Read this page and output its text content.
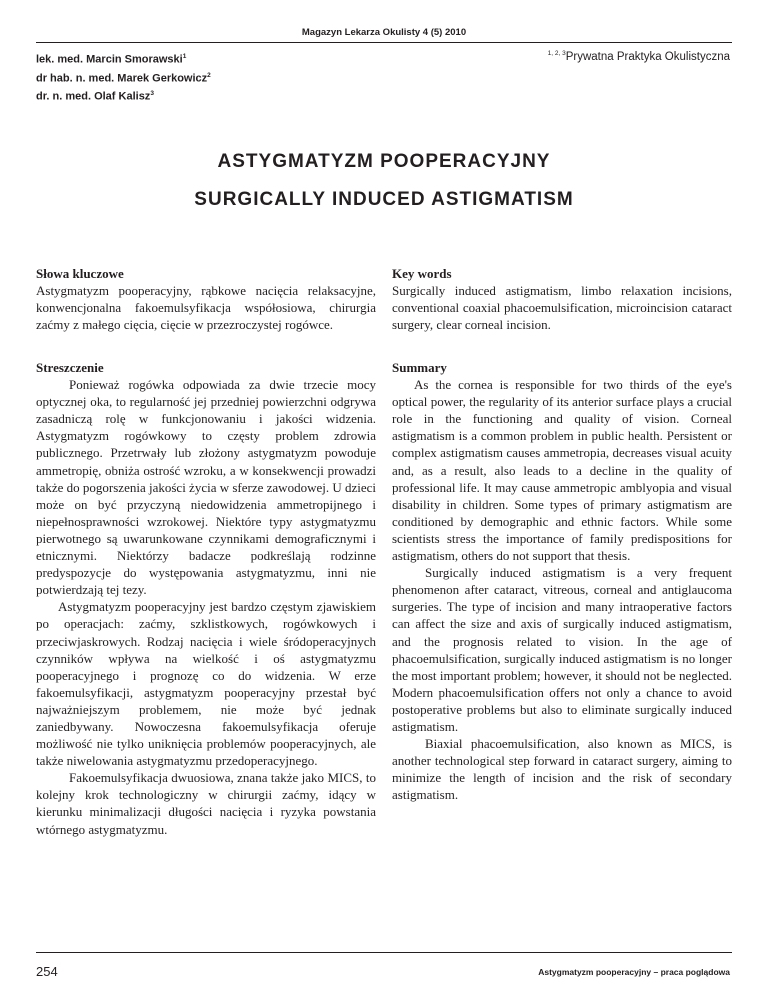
Magazyn Lekarza Okulisty 4 (5) 2010
lek. med. Marcin Smorawski$^1$
dr hab. n. med. Marek Gerkowicz$^2$
dr. n. med. Olaf Kalisz$^3$
$^{1, 2, 3}$Prywatna Praktyka Okulistyczna
ASTYGMATYZM POOPERACYJNY
SURGICALLY INDUCED ASTIGMATISM
Słowa kluczowe

Astygmatyzm pooperacyjny, rąbkowe nacięcia relaksacyjne, konwencjonalna fakoemulsyfikacja współosiowa, chirurgia zaćmy z małego cięcia, cięcie w przezroczystej rogówce.

Key words

Surgically induced astigmatism, limbo relaxation incisions, conventional coaxial phacoemulsification, microincision cataract surgery, clear corneal incision.

Streszczenie

Ponieważ rogówka odpowiada za dwie trzecie mocy optycznej oka, to regularność jej przedniej powierzchni odgrywa zasadniczą rolę w funkcjonowaniu i jakości widzenia. Astygmatyzm rogówkowy to częsty problem zdrowia publicznego. Przetrwały lub złożony astygmatyzm powoduje ammetropię, obniża ostrość wzroku, a w konsekwencji prowadzi także do pogorszenia jakości życia w sferze zawodowej. U dzieci może on być przyczyną niedowidzenia ammetropijnego i niepełnosprawności wzrokowej. Niektóre typy astygmatyzmu pierwotnego są uwarunkowane czynnikami demograficznymi i etnicznymi. Niektórzy badacze podkreślają rodzinne predyspozycje do występowania astygmatyzmu, inni nie potwierdzają tej tezy.

Astygmatyzm pooperacyjny jest bardzo częstym zjawiskiem po operacjach: zaćmy, szklistkowych, rogówkowych i przeciwjaskrowych. Rodzaj nacięcia i wiele śródoperacyjnych czynników wpływa na wielkość i oś astygmatyzmu pooperacyjnego i prognozę co do widzenia. W erze fakoemulsyfikacji, astygmatyzm pooperacyjny przestał być najważniejszym problemem, nie może być jednak zaniedbywany. Nowoczesna fakoemulsyfikacja oferuje możliwość nie tylko uniknięcia problemów pooperacyjnych, ale także niwelowania astygmatyzmu przedoperacyjnego.

Fakoemulsyfikacja dwuosiowa, znana także jako MICS, to kolejny krok technologiczny w chirurgii zaćmy, idący w kierunku minimalizacji długości nacięcia i ryzyka powstania wtórnego astygmatyzmu.

Summary

As the cornea is responsible for two thirds of the eye's optical power, the regularity of its anterior surface plays a crucial role in the functioning and quality of vision. Corneal astigmatism is a common problem in public health. Persistent or complex astigmatism causes ammetropia, decreases visual acuity and, as a result, also leads to a decline in the quality of professional life. It may cause ammetropic amblyopia and visual disability in children. Some types of primary astigmatism are conditioned by demographic and ethnic factors. While some scientists stress the importance of family predispositions for astigmatism, others do not support that thesis.

Surgically induced astigmatism is a very frequent phenomenon after cataract, vitreous, corneal and antiglaucoma surgeries. The type of incision and many intraoperative factors can affect the size and axis of surgically induced astigmatism, and the prognosis related to vision. In the age of phacoemulsification, surgically induced astigmatism is no longer the most important problem; however, it should not be neglected. Modern phacoemulsification offers not only a chance to avoid postoperative problems but also to eliminate surgically induced astigmatism.

Biaxial phacoemulsification, also known as MICS, is another technological step forward in cataract surgery, aiming to minimize the length of incision and the risk of secondary astigmatism.

254	Astygmatyzm pooperacyjny – praca poglądowa
